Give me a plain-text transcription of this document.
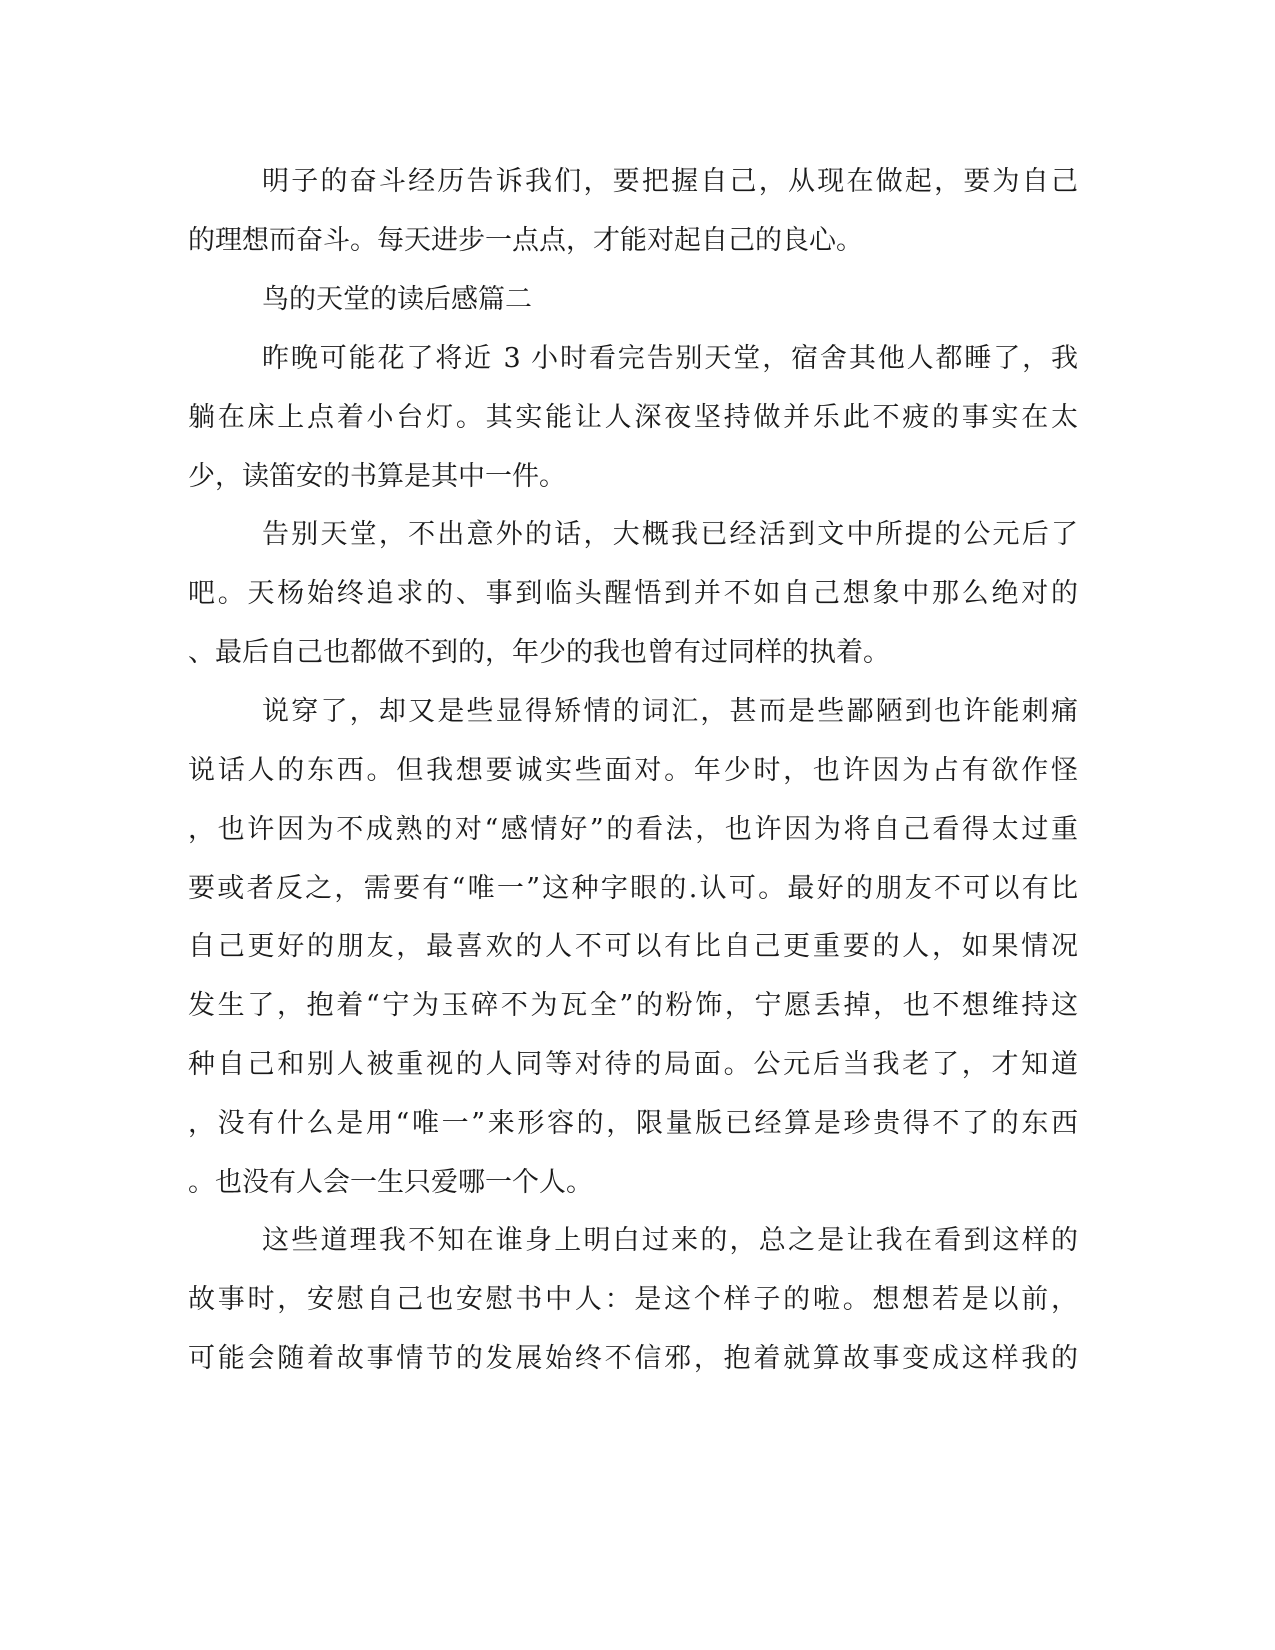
明子的奋斗经历告诉我们，要把握自己，从现在做起，要为自己
的理想而奋斗。每天进步一点点，才能对起自己的良心。
鸟的天堂的读后感篇二
昨晚可能花了将近 3 小时看完告别天堂，宿舍其他人都睡了，我
躺在床上点着小台灯。其实能让人深夜坚持做并乐此不疲的事实在太
少，读笛安的书算是其中一件。
告别天堂，不出意外的话，大概我已经活到文中所提的公元后了
吧。天杨始终追求的、事到临头醒悟到并不如自己想象中那么绝对的
、最后自己也都做不到的，年少的我也曾有过同样的执着。
说穿了，却又是些显得矫情的词汇，甚而是些鄙陋到也许能刺痛
说话人的东西。但我想要诚实些面对。年少时，也许因为占有欲作怪
，也许因为不成熟的对“感情好”的看法，也许因为将自己看得太过重
要或者反之，需要有“唯一”这种字眼的.认可。最好的朋友不可以有比
自己更好的朋友，最喜欢的人不可以有比自己更重要的人，如果情况
发生了，抱着“宁为玉碎不为瓦全”的粉饰，宁愿丢掉，也不想维持这
种自己和别人被重视的人同等对待的局面。公元后当我老了，才知道
，没有什么是用“唯一”来形容的，限量版已经算是珍贵得不了的东西
。也没有人会一生只爱哪一个人。
这些道理我不知在谁身上明白过来的，总之是让我在看到这样的
故事时，安慰自己也安慰书中人：是这个样子的啦。想想若是以前，
可能会随着故事情节的发展始终不信邪，抱着就算故事变成这样我的
